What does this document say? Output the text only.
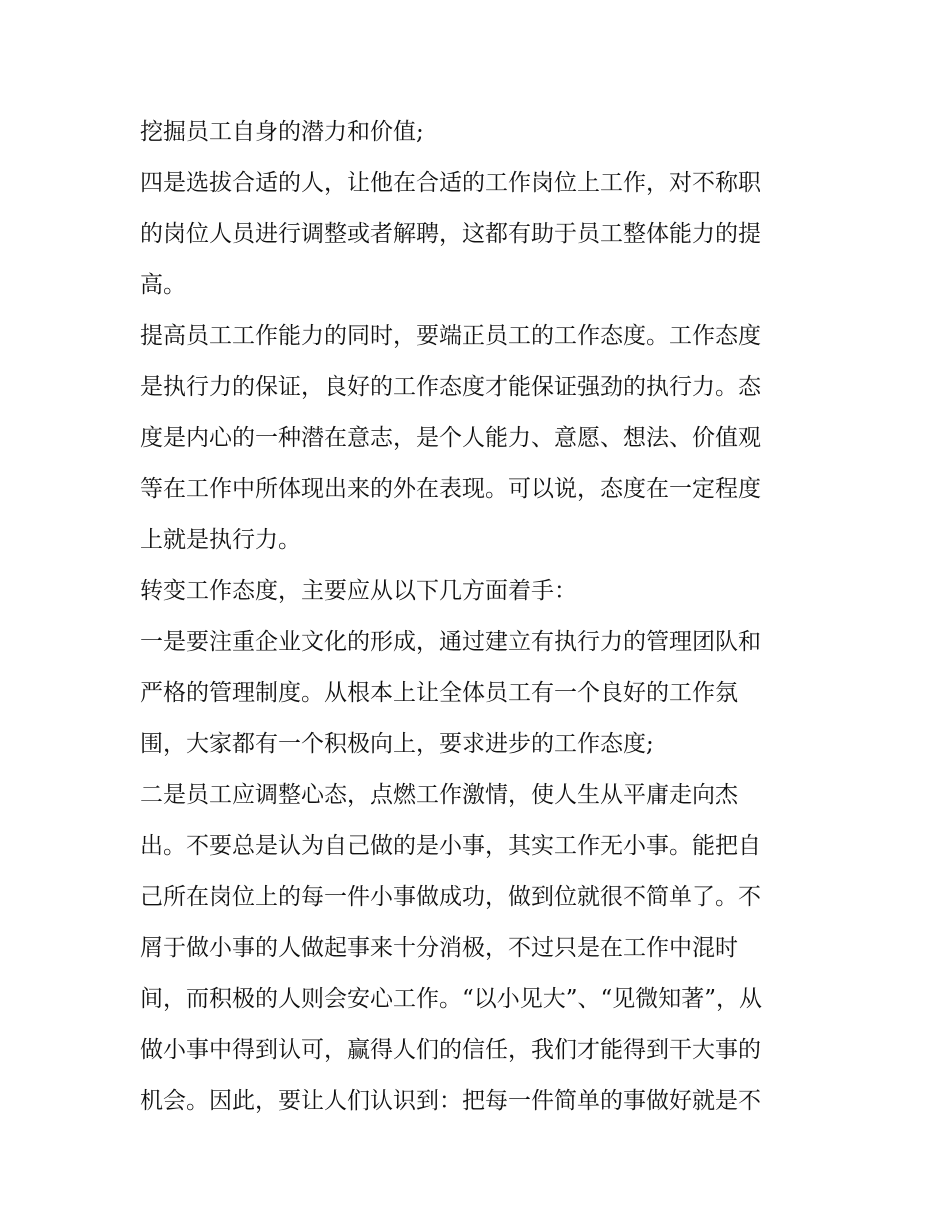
挖掘员工自身的潜力和价值;
四是选拔合适的人，让他在合适的工作岗位上工作，对不称职
的岗位人员进行调整或者解聘，这都有助于员工整体能力的提
高。
提高员工工作能力的同时，要端正员工的工作态度。工作态度
是执行力的保证，良好的工作态度才能保证强劲的执行力。态
度是内心的一种潜在意志，是个人能力、意愿、想法、价值观
等在工作中所体现出来的外在表现。可以说，态度在一定程度
上就是执行力。
转变工作态度，主要应从以下几方面着手：
一是要注重企业文化的形成，通过建立有执行力的管理团队和
严格的管理制度。从根本上让全体员工有一个良好的工作氛
围，大家都有一个积极向上，要求进步的工作态度;
二是员工应调整心态，点燃工作激情，使人生从平庸走向杰
出。不要总是认为自己做的是小事，其实工作无小事。能把自
己所在岗位上的每一件小事做成功，做到位就很不简单了。不
屑于做小事的人做起事来十分消极，不过只是在工作中混时
间，而积极的人则会安心工作。“以小见大”、“见微知著”，从
做小事中得到认可，赢得人们的信任，我们才能得到干大事的
机会。因此，要让人们认识到：把每一件简单的事做好就是不
